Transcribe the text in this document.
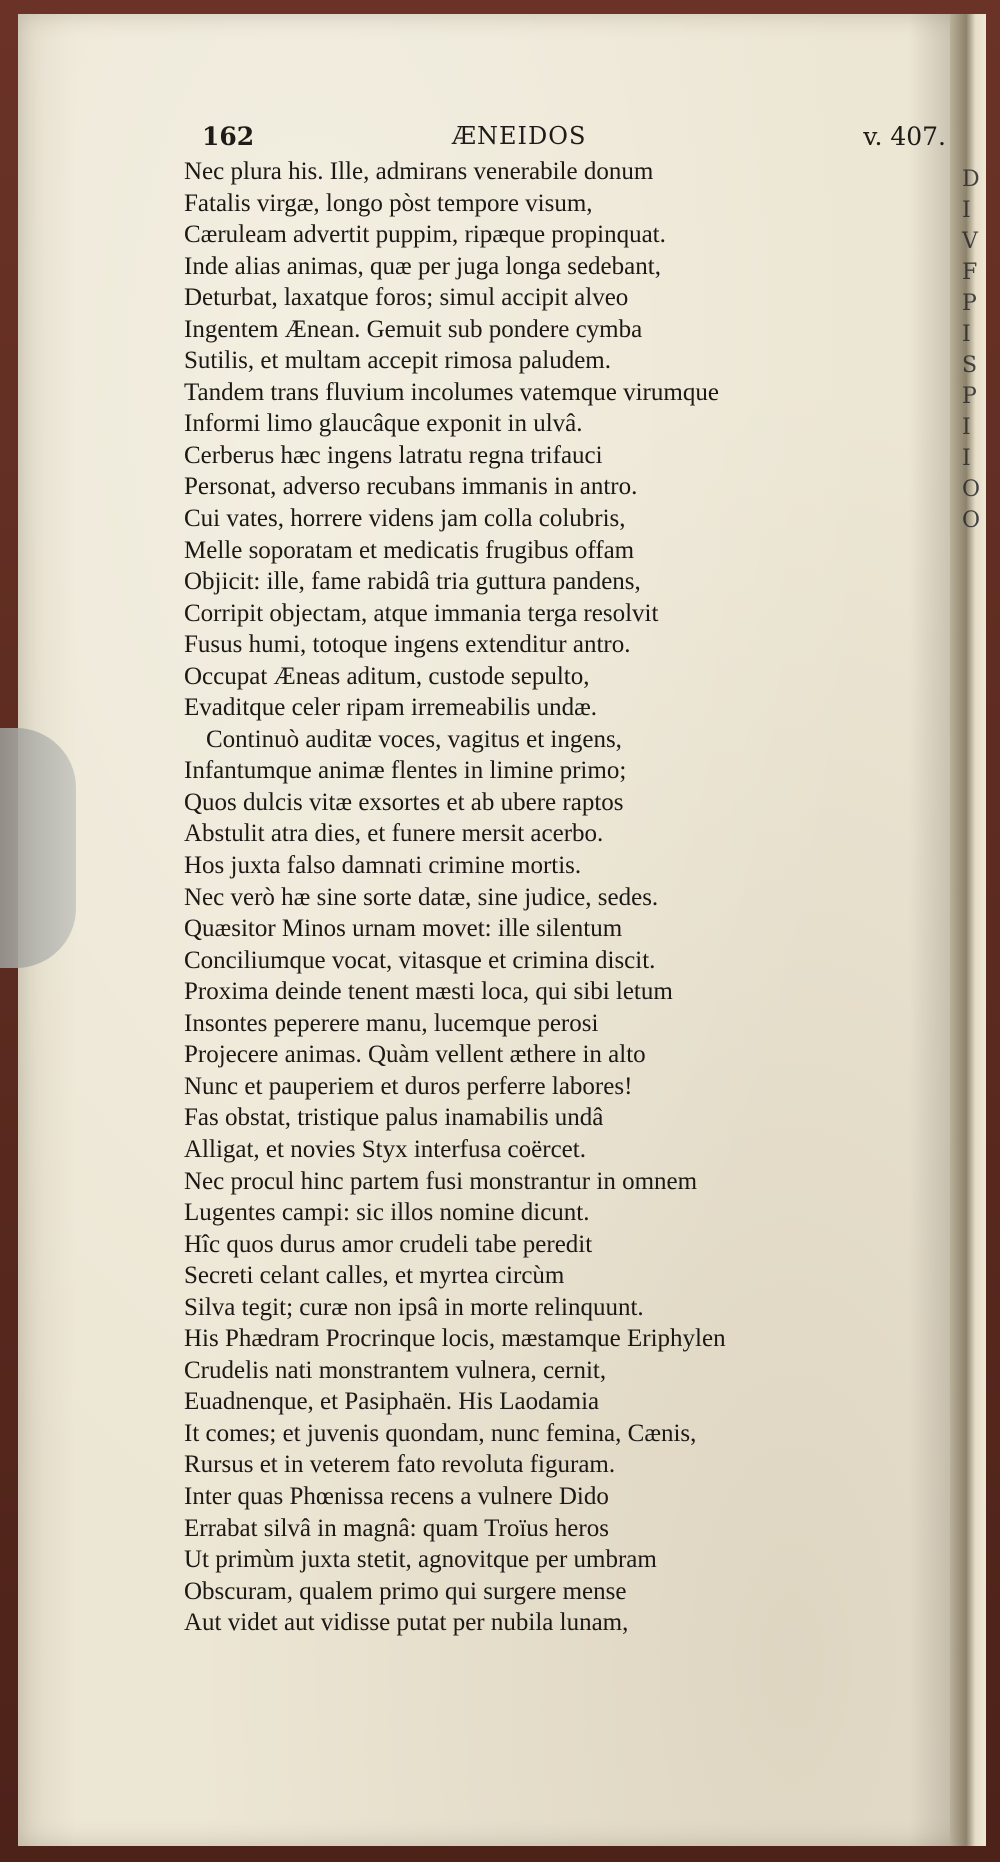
D
I
V
F
P
I
S
P
I
I
O
O
162	ÆNEIDOS	v. 407.
Nec plura his. Ille, admirans venerabile donum
Fatalis virgæ, longo pòst tempore visum,
Cæruleam advertit puppim, ripæque propinquat.
Inde alias animas, quæ per juga longa sedebant,
Deturbat, laxatque foros; simul accipit alveo
Ingentem Ænean. Gemuit sub pondere cymba
Sutilis, et multam accepit rimosa paludem.
Tandem trans fluvium incolumes vatemque virumque
Informi limo glaucâque exponit in ulvâ.
Cerberus hæc ingens latratu regna trifauci
Personat, adverso recubans immanis in antro.
Cui vates, horrere videns jam colla colubris,
Melle soporatam et medicatis frugibus offam
Objicit: ille, fame rabidâ tria guttura pandens,
Corripit objectam, atque immania terga resolvit
Fusus humi, totoque ingens extenditur antro.
Occupat Æneas aditum, custode sepulto,
Evaditque celer ripam irremeabilis undæ.
Continuò auditæ voces, vagitus et ingens,
Infantumque animæ flentes in limine primo;
Quos dulcis vitæ exsortes et ab ubere raptos
Abstulit atra dies, et funere mersit acerbo.
Hos juxta falso damnati crimine mortis.
Nec verò hæ sine sorte datæ, sine judice, sedes.
Quæsitor Minos urnam movet: ille silentum
Conciliumque vocat, vitasque et crimina discit.
Proxima deinde tenent mæsti loca, qui sibi letum
Insontes peperere manu, lucemque perosi
Projecere animas. Quàm vellent æthere in alto
Nunc et pauperiem et duros perferre labores!
Fas obstat, tristique palus inamabilis undâ
Alligat, et novies Styx interfusa coërcet.
Nec procul hinc partem fusi monstrantur in omnem
Lugentes campi: sic illos nomine dicunt.
Hîc quos durus amor crudeli tabe peredit
Secreti celant calles, et myrtea circùm
Silva tegit; curæ non ipsâ in morte relinquunt.
His Phædram Procrinque locis, mæstamque Eriphylen
Crudelis nati monstrantem vulnera, cernit,
Euadnenque, et Pasiphaën. His Laodamia
It comes; et juvenis quondam, nunc femina, Cænis,
Rursus et in veterem fato revoluta figuram.
Inter quas Phœnissa recens a vulnere Dido
Errabat silvâ in magnâ: quam Troïus heros
Ut primùm juxta stetit, agnovitque per umbram
Obscuram, qualem primo qui surgere mense
Aut videt aut vidisse putat per nubila lunam,
